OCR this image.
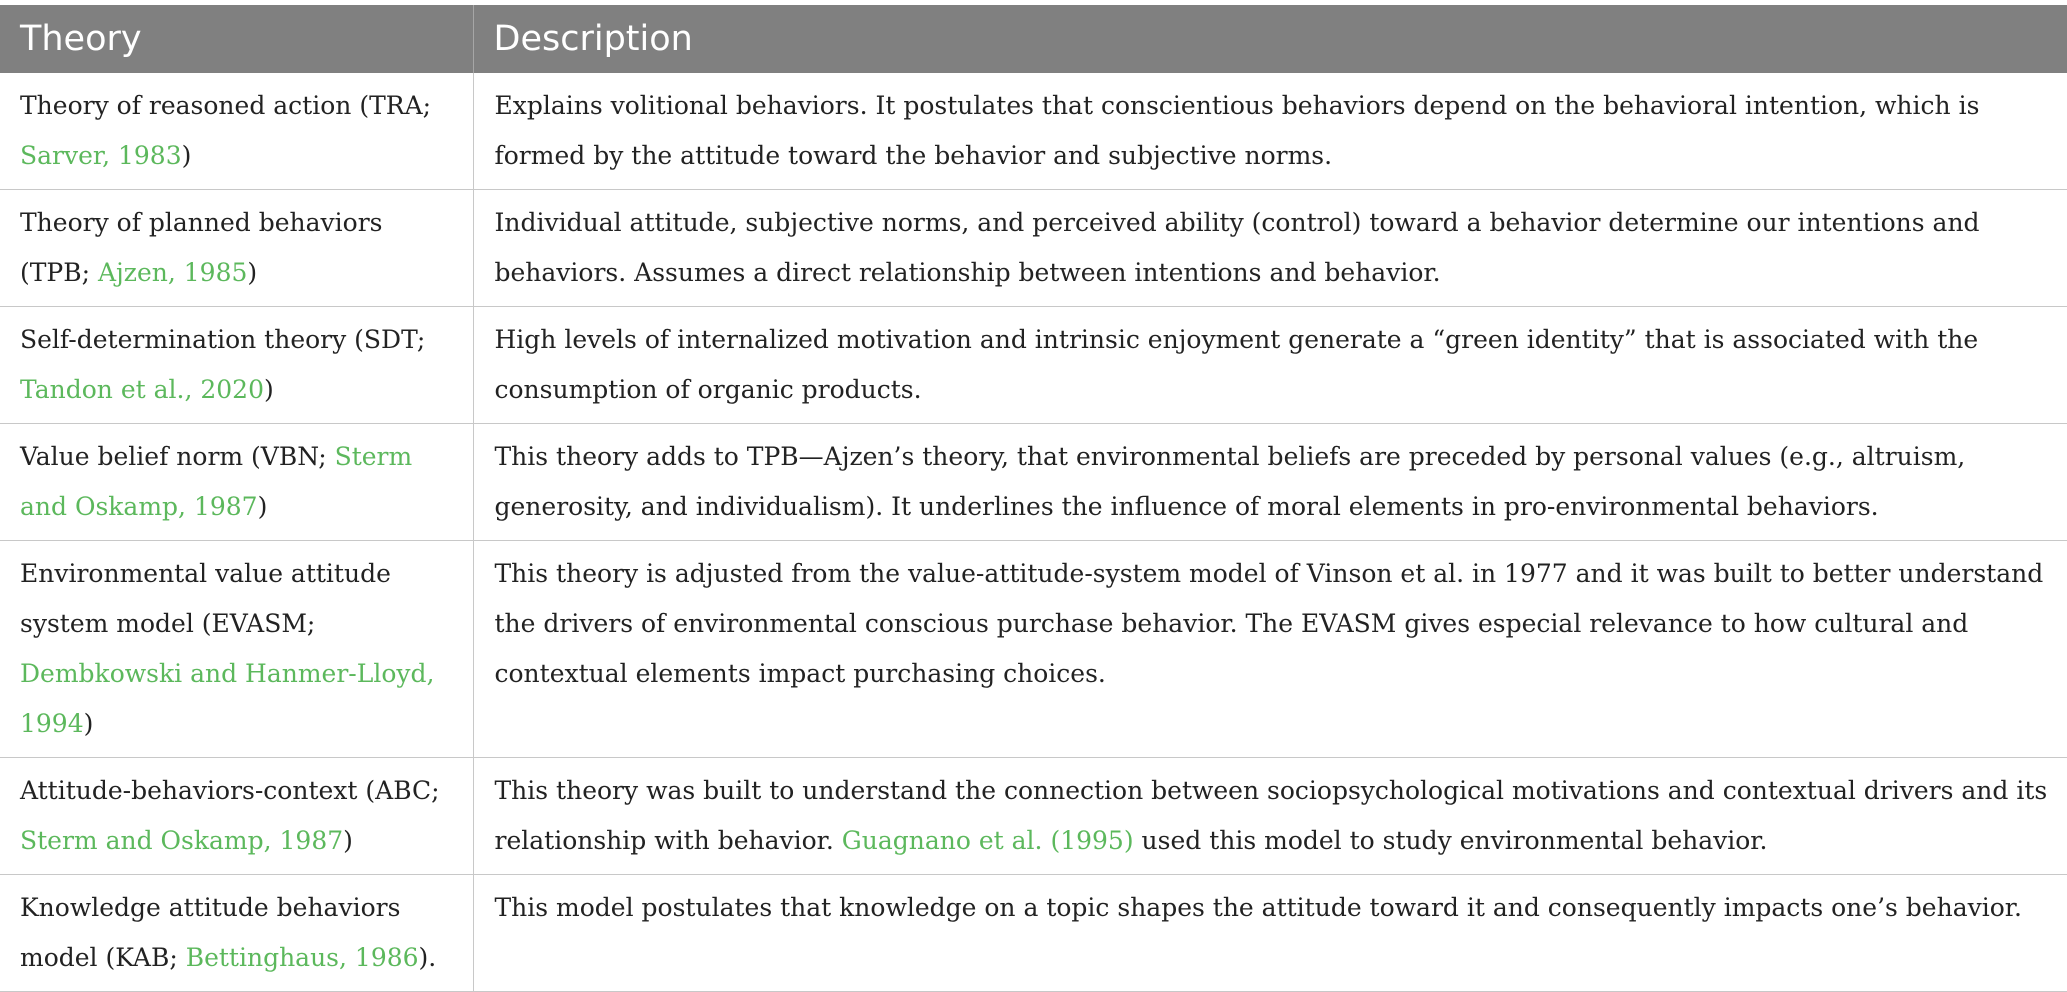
Theory	Description
Theory of reasoned action (TRA; Sarver, 1983)	Explains volitional behaviors. It postulates that conscientious behaviors depend on the behavioral intention, which is formed by the attitude toward the behavior and subjective norms.
Theory of planned behaviors (TPB; Ajzen, 1985)	Individual attitude, subjective norms, and perceived ability (control) toward a behavior determine our intentions and behaviors. Assumes a direct relationship between intentions and behavior.
Self-determination theory (SDT; Tandon et al., 2020)	High levels of internalized motivation and intrinsic enjoyment generate a “green identity” that is associated with the consumption of organic products.
Value belief norm (VBN; Sterm and Oskamp, 1987)	This theory adds to TPB—Ajzen’s theory, that environmental beliefs are preceded by personal values (e.g., altruism, generosity, and individualism). It underlines the influence of moral elements in pro-environmental behaviors.
Environmental value attitude system model (EVASM; Dembkowski and Hanmer-Lloyd, 1994)	This theory is adjusted from the value-attitude-system model of Vinson et al. in 1977 and it was built to better understand the drivers of environmental conscious purchase behavior. The EVASM gives especial relevance to how cultural and contextual elements impact purchasing choices.
Attitude-behaviors-context (ABC; Sterm and Oskamp, 1987)	This theory was built to understand the connection between sociopsychological motivations and contextual drivers and its relationship with behavior. Guagnano et al. (1995) used this model to study environmental behavior.
Knowledge attitude behaviors model (KAB; Bettinghaus, 1986).	This model postulates that knowledge on a topic shapes the attitude toward it and consequently impacts one’s behavior.
